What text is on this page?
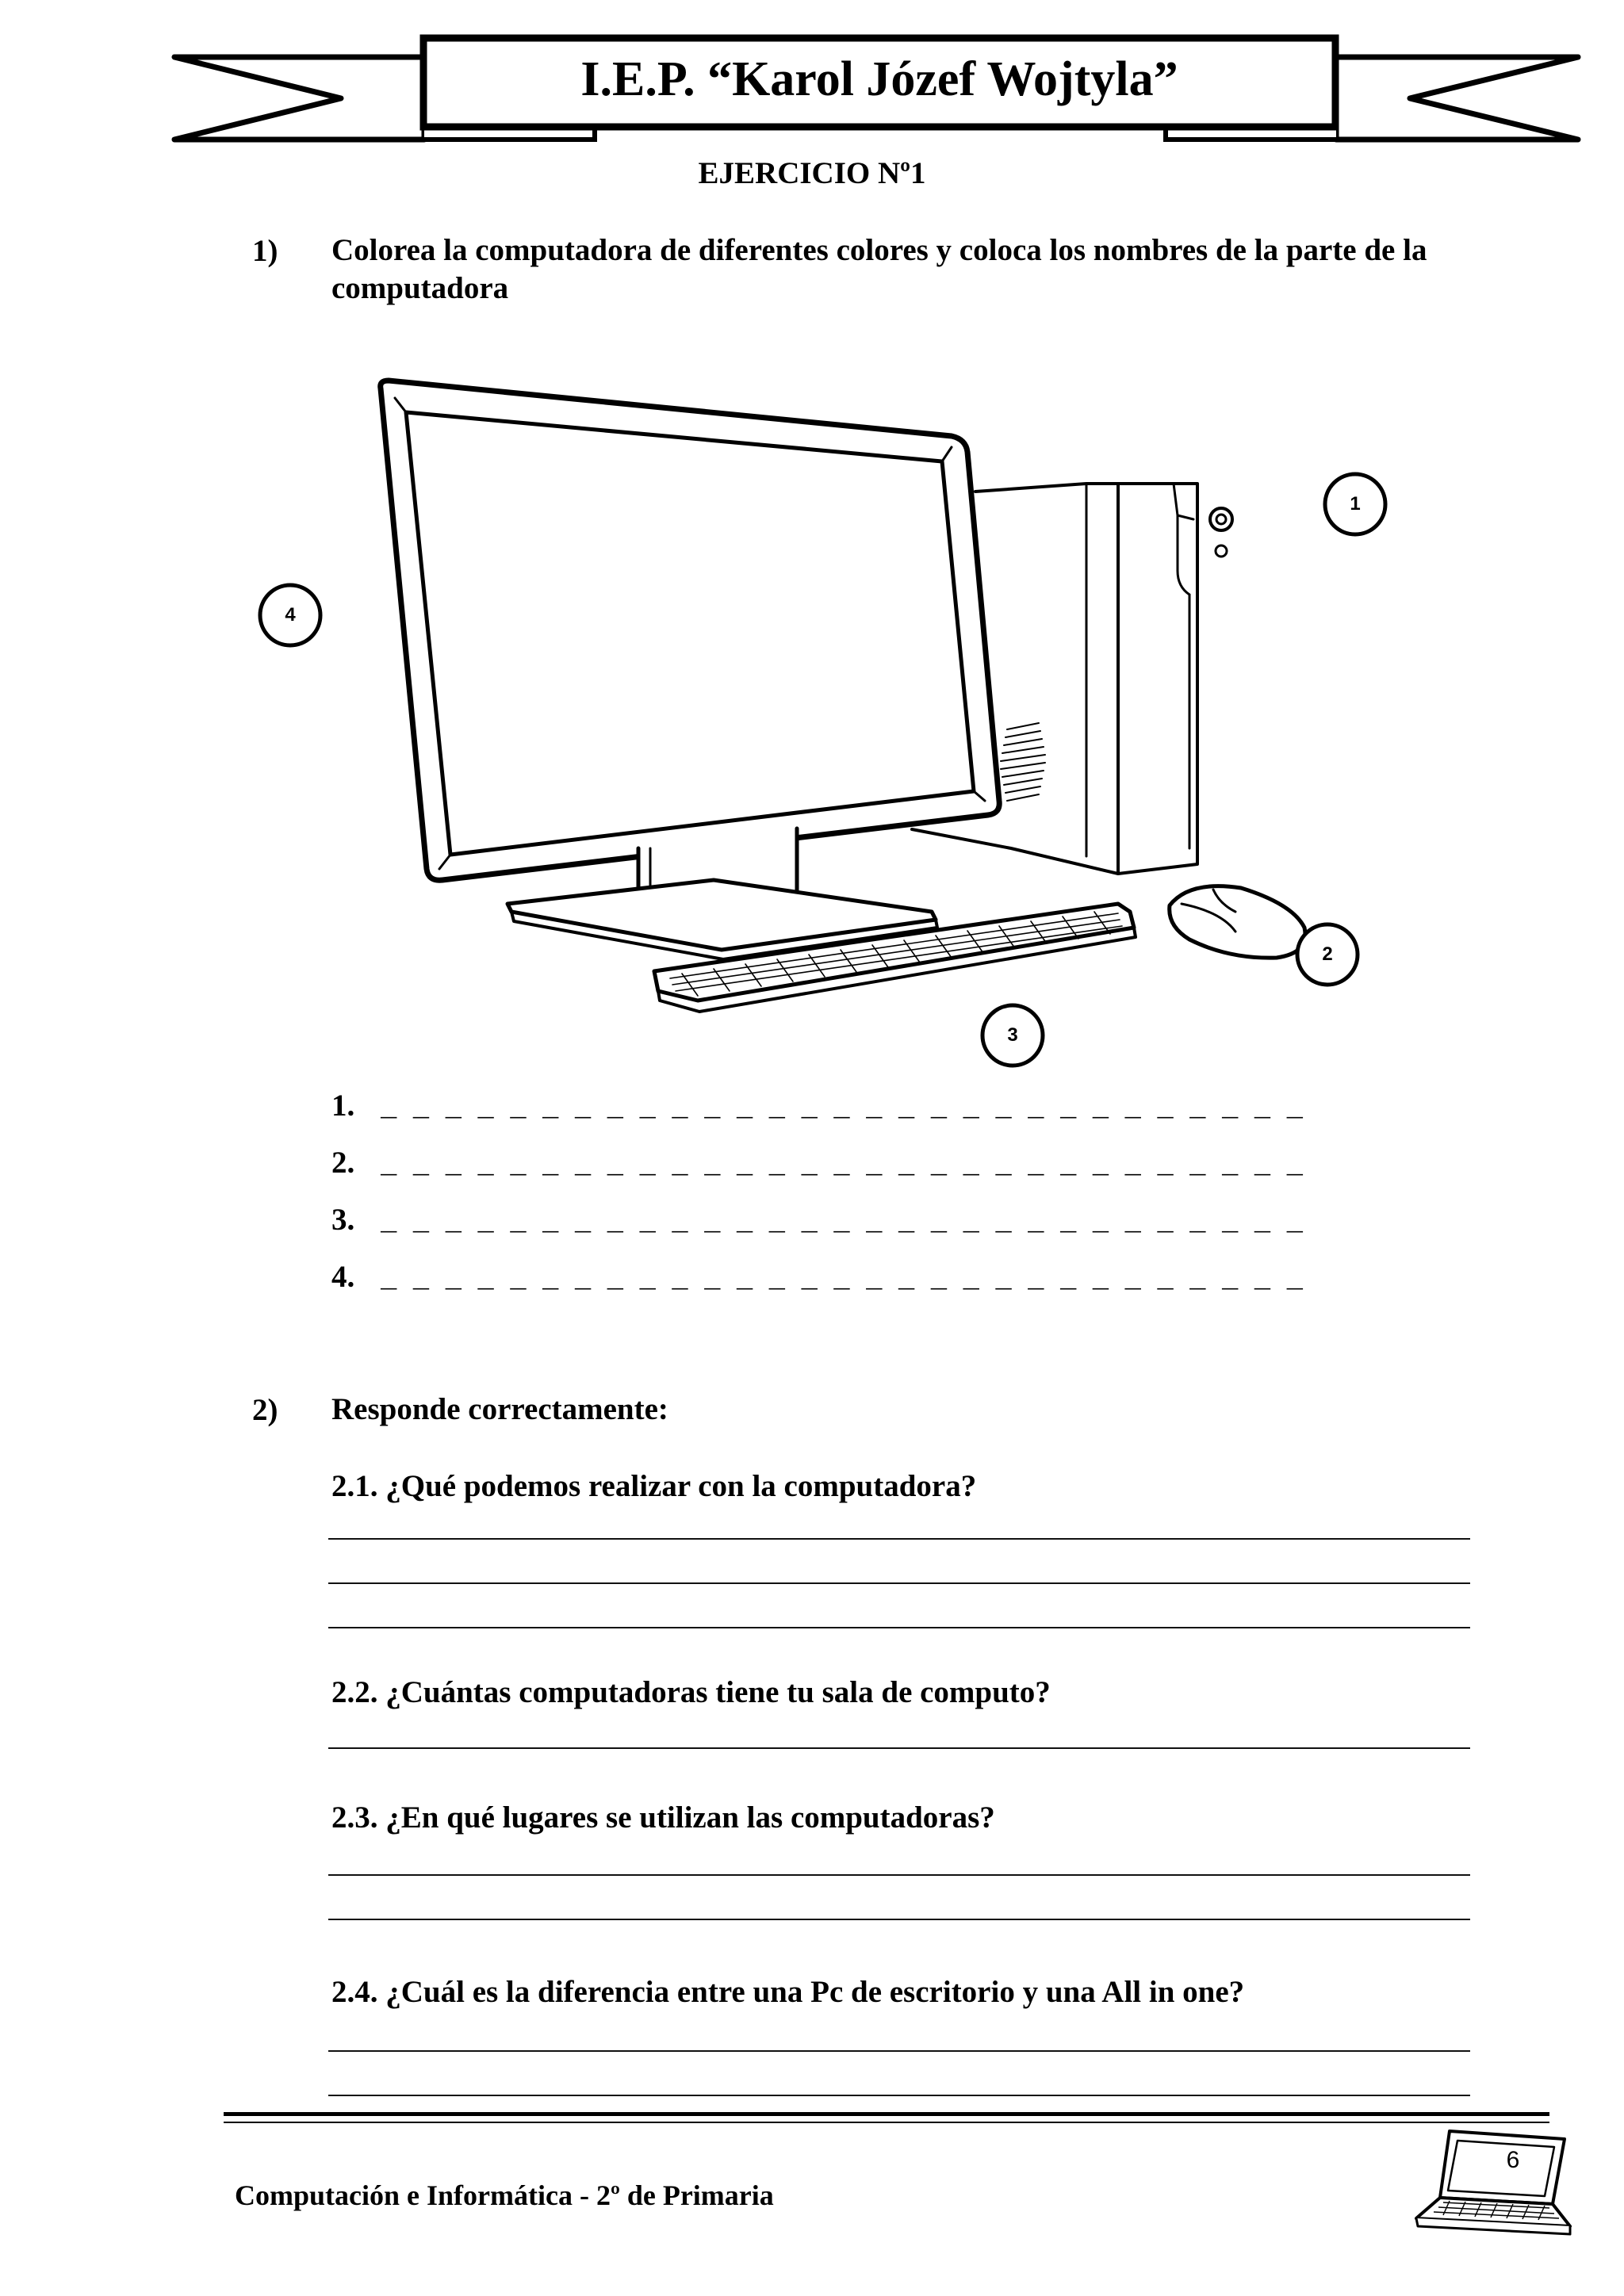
I.E.P. “Karol Józef Wojtyla”
EJERCICIO Nº1
1) Colorea la computadora de diferentes colores y coloca los nombres de la parte de la computadora
1
2
3
4
1. _ _ _ _ _ _ _ _ _ _ _ _ _ _ _ _ _ _ _ _ _ _ _ _ _ _ _ _ _
2. _ _ _ _ _ _ _ _ _ _ _ _ _ _ _ _ _ _ _ _ _ _ _ _ _ _ _ _ _
3. _ _ _ _ _ _ _ _ _ _ _ _ _ _ _ _ _ _ _ _ _ _ _ _ _ _ _ _ _
4. _ _ _ _ _ _ _ _ _ _ _ _ _ _ _ _ _ _ _ _ _ _ _ _ _ _ _ _ _
2) Responde correctamente:
2.1. ¿Qué podemos realizar con la computadora?
2.2. ¿Cuántas computadoras tiene tu sala de computo?
2.3. ¿En qué lugares se utilizan las computadoras?
2.4. ¿Cuál es la diferencia entre una Pc de escritorio y una All in one?
Computación e Informática - 2º de Primaria
6
